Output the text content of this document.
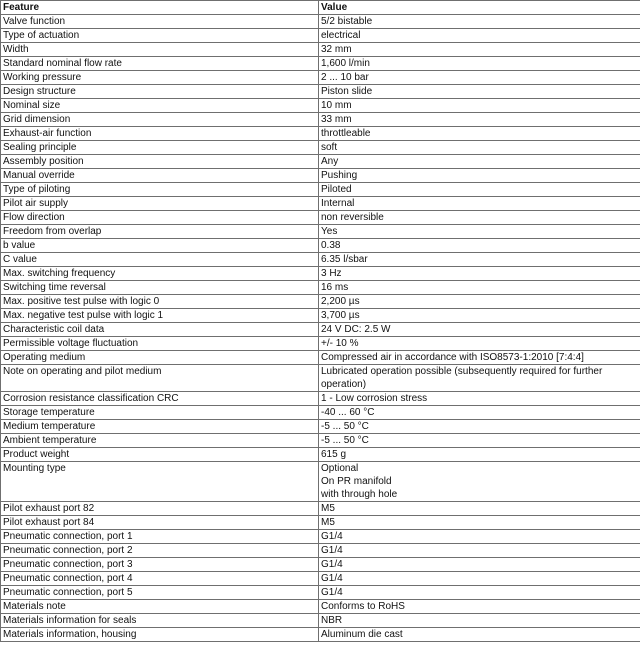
Feature	Value
Valve function	5/2 bistable

Type of actuation	electrical

Width	32 mm

Standard nominal flow rate	1,600 l/min

Working pressure	2 ... 10 bar

Design structure	Piston slide

Nominal size	10 mm

Grid dimension	33 mm

Exhaust-air function	throttleable

Sealing principle	soft

Assembly position	Any

Manual override	Pushing

Type of piloting	Piloted

Pilot air supply	Internal

Flow direction	non reversible

Freedom from overlap	Yes

b value	0.38

C value	6.35 l/sbar

Max. switching frequency	3 Hz

Switching time reversal	16 ms

Max. positive test pulse with logic 0	2,200 µs

Max. negative test pulse with logic 1	3,700 µs

Characteristic coil data	24 V DC: 2.5 W

Permissible voltage fluctuation	+/- 10 %

Operating medium	Compressed air in accordance with ISO8573-1:2010 [7:4:4]

Note on operating and pilot medium	Lubricated operation possible (subsequently required for further
operation)

Corrosion resistance classification CRC	1 - Low corrosion stress

Storage temperature	-40 ... 60 °C

Medium temperature	-5 ... 50 °C

Ambient temperature	-5 ... 50 °C

Product weight	615 g

Mounting type	Optional
On PR manifold
with through hole

Pilot exhaust port 82	M5

Pilot exhaust port 84	M5

Pneumatic connection, port 1	G1/4

Pneumatic connection, port 2	G1/4

Pneumatic connection, port 3	G1/4

Pneumatic connection, port 4	G1/4

Pneumatic connection, port 5	G1/4

Materials note	Conforms to RoHS

Materials information for seals	NBR

Materials information, housing	Aluminum die cast
